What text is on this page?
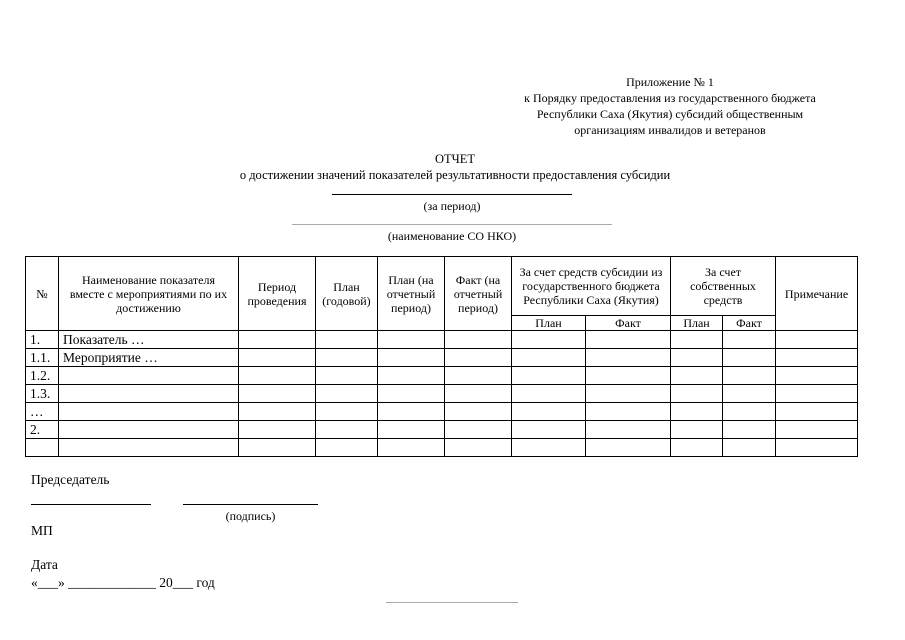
Приложение № 1
к Порядку предоставления из государственного бюджета
Республики Саха (Якутия) субсидий общественным
организациям инвалидов и ветеранов
ОТЧЕТ
о достижении значений показателей результативности предоставления субсидии
(за период)
(наименование СО НКО)
№	Наименование показателя вместе с мероприятиями по их достижению	Период проведения	План (годовой)	План (на отчетный период)	Факт (на отчетный период)	За счет средств субсидии из государственного бюджета Республики Саха (Якутия)		За счет собственных средств		Примечание
						План	Факт	План	Факт	
1.	Показатель …									
1.1.	Мероприятие …									
1.2.										
1.3.										
…										
2.										

Председатель
(подпись)
МП
Дата
«___» _____________ 20___ год
